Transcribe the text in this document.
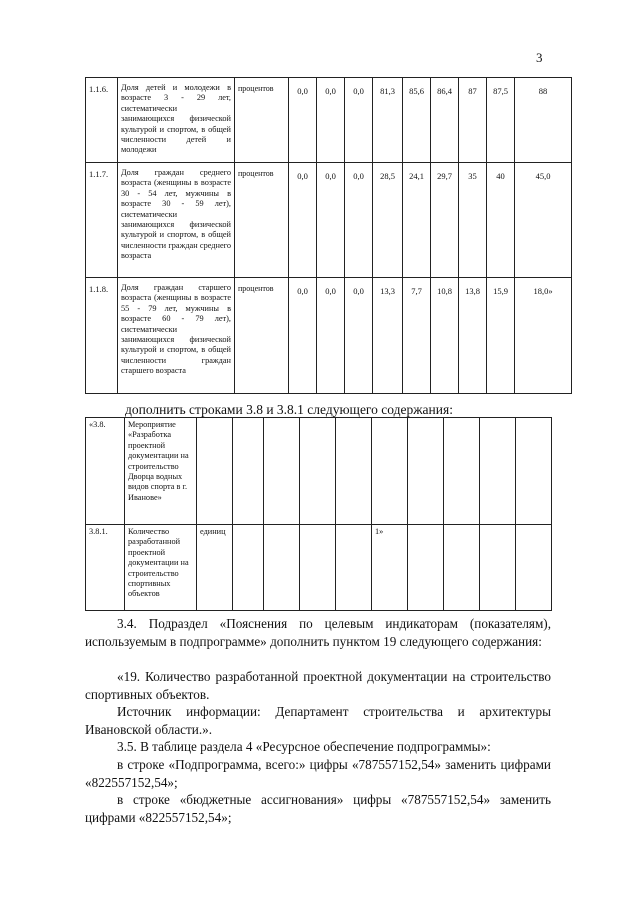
3
1.1.6.	Доля детей и молодежи в возрасте 3 - 29 лет, систематически занимающихся физической культурой и спортом, в общей численности детей и молодежи	процентов	0,0	0,0	0,0	81,3	85,6	86,4	87	87,5	88
1.1.7.	Доля граждан среднего возраста (женщины в возрасте 30 - 54 лет, мужчины в возрасте 30 - 59 лет), систематически занимающихся физической культурой и спортом, в общей численности граждан среднего возраста	процентов	0,0	0,0	0,0	28,5	24,1	29,7	35	40	45,0
1.1.8.	Доля граждан старшего возраста (женщины в возрасте 55 - 79 лет, мужчины в возрасте 60 - 79 лет), систематически занимающихся физической культурой и спортом, в общей численности граждан старшего возраста	процентов	0,0	0,0	0,0	13,3	7,7	10,8	13,8	15,9	18,0»
дополнить строками 3.8 и 3.8.1 следующего содержания:
«3.8.	Мероприятие «Разработка проектной документации на строительство Дворца водных видов спорта в г. Иванове»										
3.8.1.	Количество разработанной проектной документации на строительство спортивных объектов	единиц					1»				
3.4. Подраздел «Пояснения по целевым индикаторам (показателям), используемым в подпрограмме» дополнить пунктом 19 следующего содержания:
«19. Количество разработанной проектной документации на строительство спортивных объектов.
Источник информации: Департамент строительства и архитектуры Ивановской области.».
3.5. В таблице раздела 4 «Ресурсное обеспечение подпрограммы»:
в строке «Подпрограмма, всего:» цифры «787557152,54» заменить цифрами «822557152,54»;
в строке «бюджетные ассигнования» цифры «787557152,54» заменить цифрами «822557152,54»;
